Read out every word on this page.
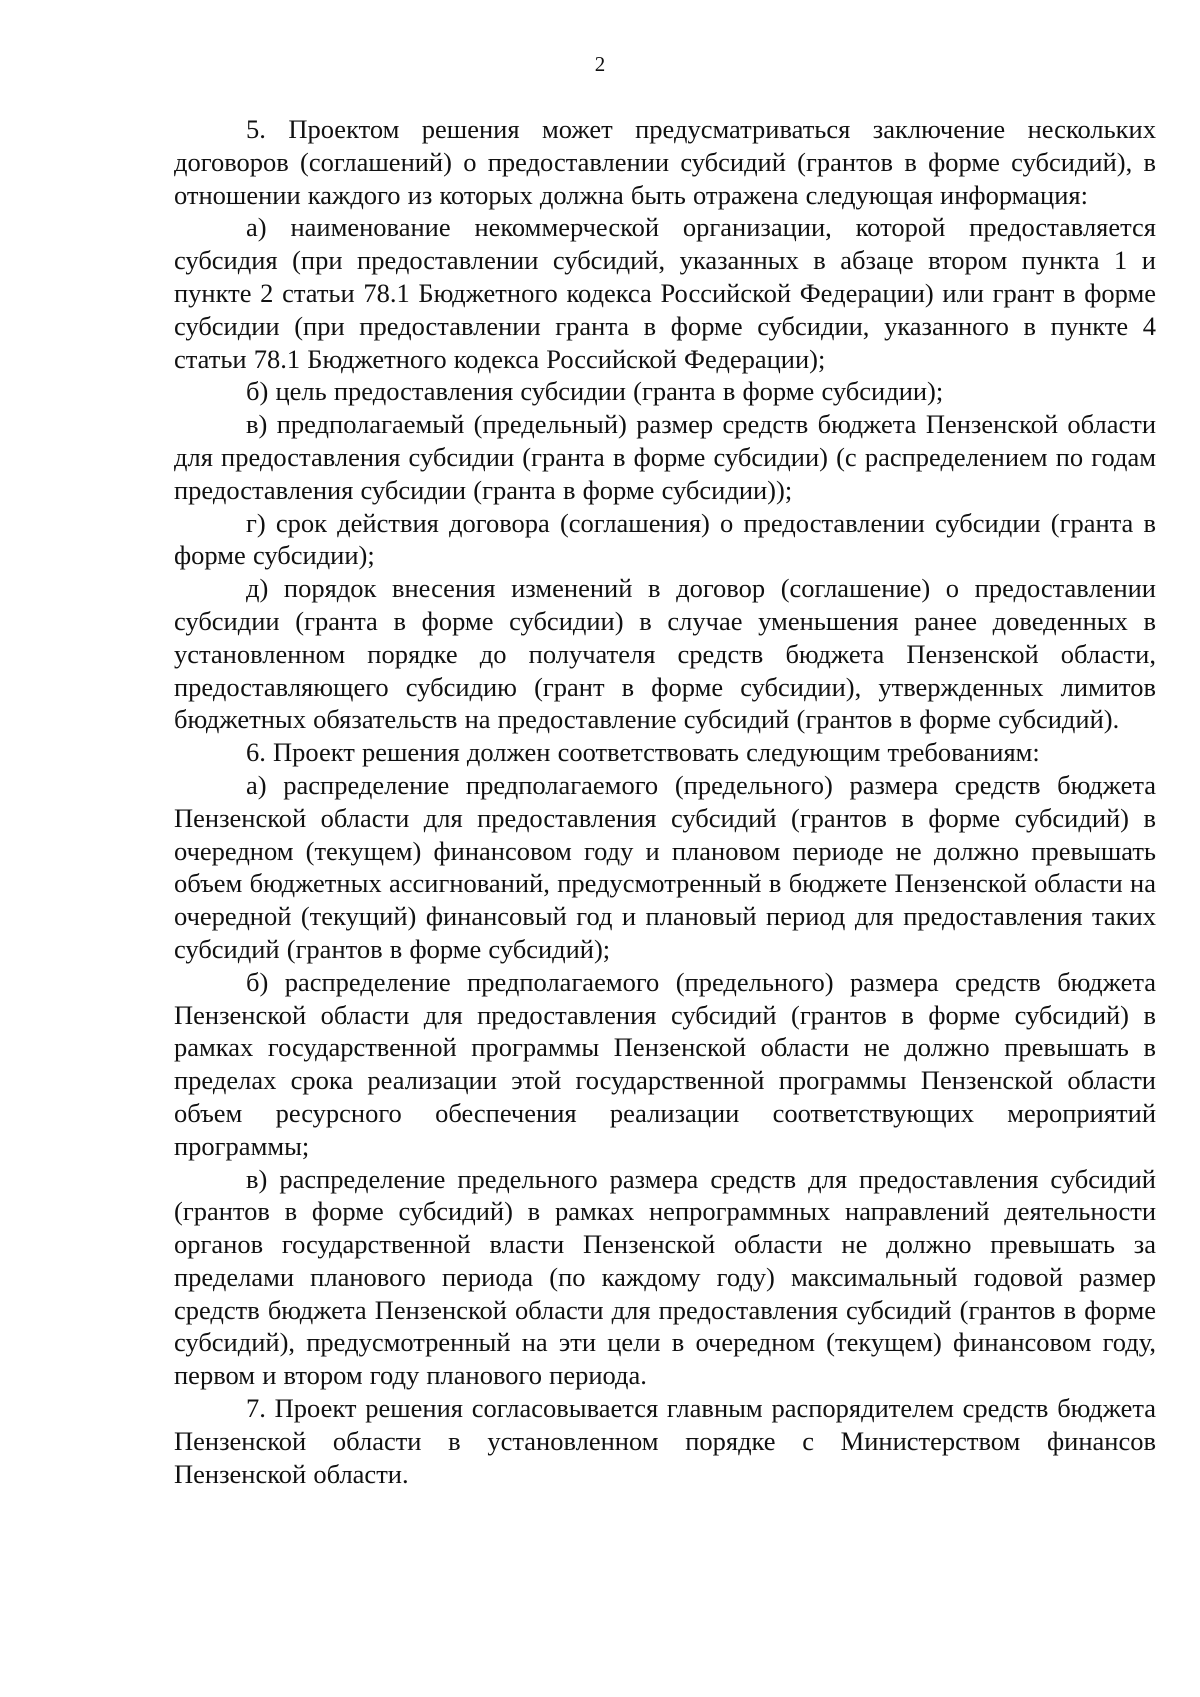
2

5. Проектом решения может предусматриваться заключение нескольких договоров (соглашений) о предоставлении субсидий (грантов в форме субсидий), в отношении каждого из которых должна быть отражена следующая информация:

а) наименование некоммерческой организации, которой предоставляется субсидия (при предоставлении субсидий, указанных в абзаце втором пункта 1 и пункте 2 статьи 78.1 Бюджетного кодекса Российской Федерации) или грант в форме субсидии (при предоставлении гранта в форме субсидии, указанного в пункте 4 статьи 78.1 Бюджетного кодекса Российской Федерации);

б) цель предоставления субсидии (гранта в форме субсидии);

в) предполагаемый (предельный) размер средств бюджета Пензенской области для предоставления субсидии (гранта в форме субсидии) (с распределением по годам предоставления субсидии (гранта в форме субсидии));

г) срок действия договора (соглашения) о предоставлении субсидии (гранта в форме субсидии);

д) порядок внесения изменений в договор (соглашение) о предоставлении субсидии (гранта в форме субсидии) в случае уменьшения ранее доведенных в установленном порядке до получателя средств бюджета Пензенской области, предоставляющего субсидию (грант в форме субсидии), утвержденных лимитов бюджетных обязательств на предоставление субсидий (грантов в форме субсидий).

6. Проект решения должен соответствовать следующим требованиям:

а) распределение предполагаемого (предельного) размера средств бюджета Пензенской области для предоставления субсидий (грантов в форме субсидий) в очередном (текущем) финансовом году и плановом периоде не должно превышать объем бюджетных ассигнований, предусмотренный в бюджете Пензенской области на очередной (текущий) финансовый год и плановый период для предоставления таких субсидий (грантов в форме субсидий);

б) распределение предполагаемого (предельного) размера средств бюджета Пензенской области для предоставления субсидий (грантов в форме субсидий) в рамках государственной программы Пензенской области не должно превышать в пределах срока реализации этой государственной программы Пензенской области объем ресурсного обеспечения реализации соответствующих мероприятий программы;

в) распределение предельного размера средств для предоставления субсидий (грантов в форме субсидий) в рамках непрограммных направлений деятельности органов государственной власти Пензенской области не должно превышать за пределами планового периода (по каждому году) максимальный годовой размер средств бюджета Пензенской области для предоставления субсидий (грантов в форме субсидий), предусмотренный на эти цели в очередном (текущем) финансовом году, первом и втором году планового периода.

7. Проект решения согласовывается главным распорядителем средств бюджета Пензенской области в установленном порядке с Министерством финансов Пензенской области.
